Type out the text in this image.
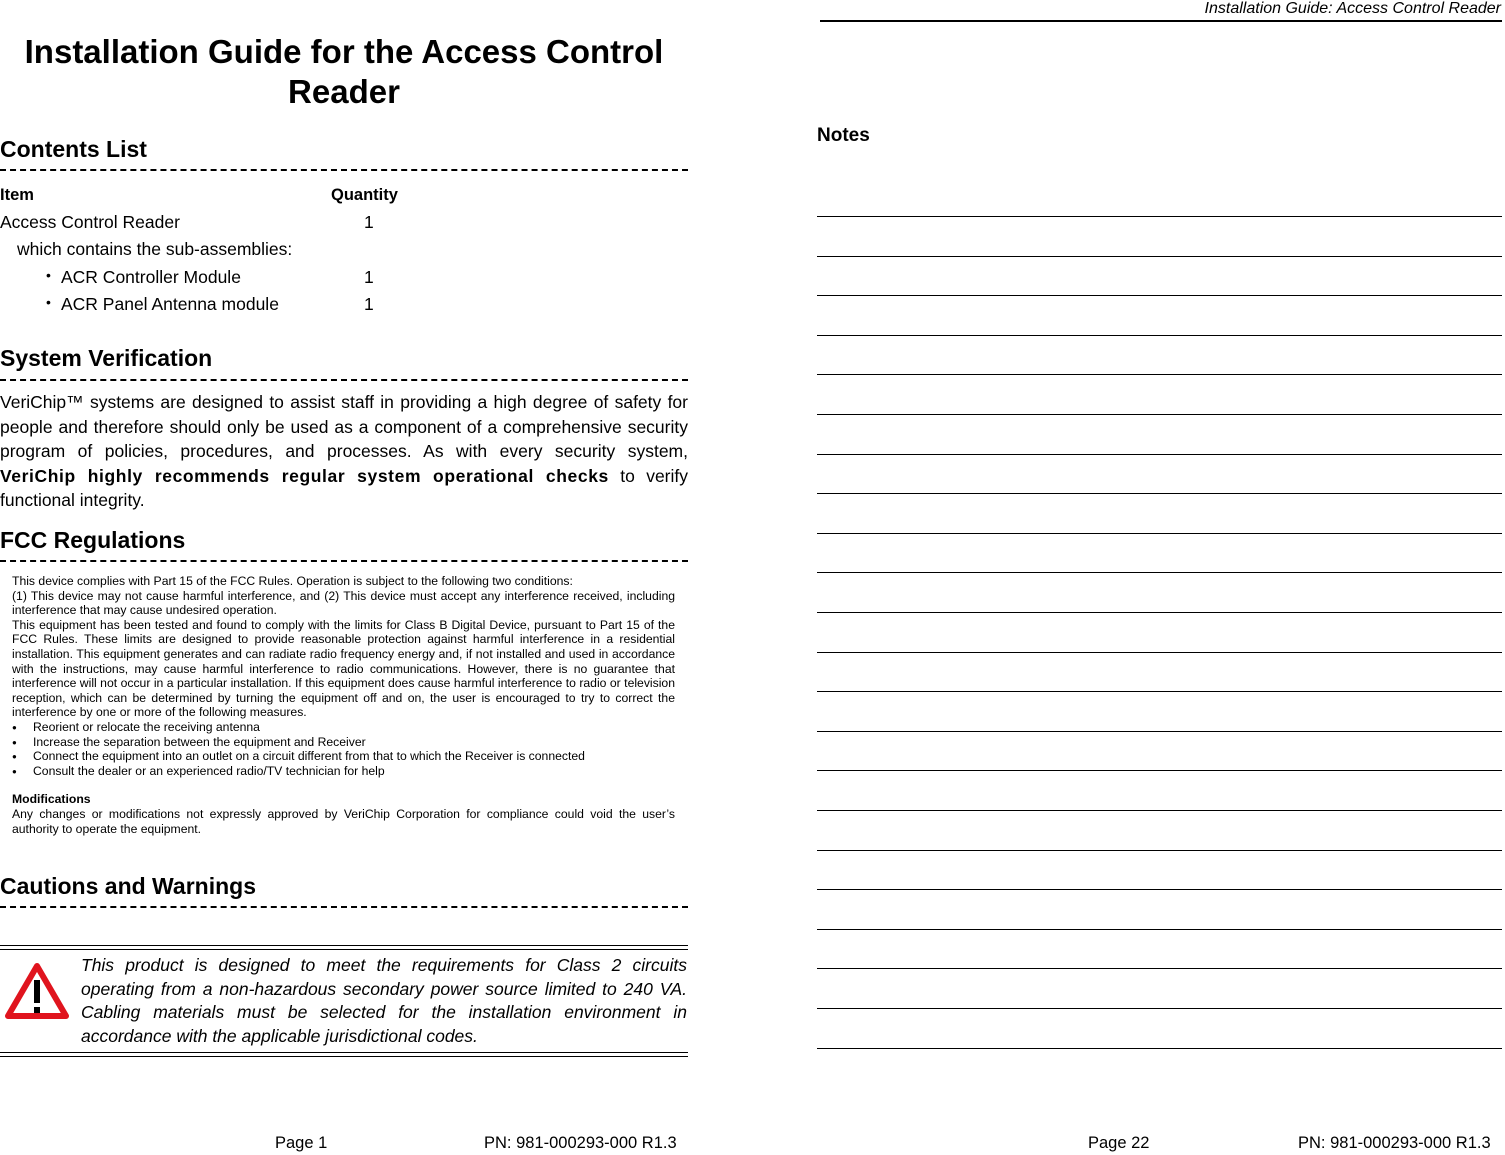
Installation Guide for the Access Control Reader
Contents List
Item	Quantity
Access Control Reader	1
which contains the sub-assemblies:
• ACR Controller Module	1
• ACR Panel Antenna module	1
System Verification
VeriChip™ systems are designed to assist staff in providing a high degree of safety for people and therefore should only be used as a component of a comprehensive security program of policies, procedures, and processes. As with every security system, VeriChip highly recommends regular system operational checks to verify functional integrity.
FCC Regulations

This device complies with Part 15 of the FCC Rules. Operation is subject to the following two conditions:

(1) This device may not cause harmful interference, and (2) This device must accept any interference received, including interference that may cause undesired operation.

This equipment has been tested and found to comply with the limits for Class B Digital Device, pursuant to Part 15 of the FCC Rules. These limits are designed to provide reasonable protection against harmful interference in a residential installation. This equipment generates and can radiate radio frequency energy and, if not installed and used in accordance with the instructions, may cause harmful interference to radio communications. However, there is no guarantee that interference will not occur in a particular installation. If this equipment does cause harmful interference to radio or television reception, which can be determined by turning the equipment off and on, the user is encouraged to try to correct the interference by one or more of the following measures.

● Reorient or relocate the receiving antenna
● Increase the separation between the equipment and Receiver
● Connect the equipment into an outlet on a circuit different from that to which the Receiver is connected
● Consult the dealer or an experienced radio/TV technician for help

Modifications

Any changes or modifications not expressly approved by VeriChip Corporation for compliance could void the user’s authority to operate the equipment.

Cautions and Warnings
This product is designed to meet the requirements for Class 2 circuits operating from a non-hazardous secondary power source limited to 240 VA. Cabling materials must be selected for the installation environment in accordance with the applicable jurisdictional codes.
Page 1	PN: 981-000293-000 R1.3
Installation Guide: Access Control Reader
Notes
Page 22	PN: 981-000293-000 R1.3
